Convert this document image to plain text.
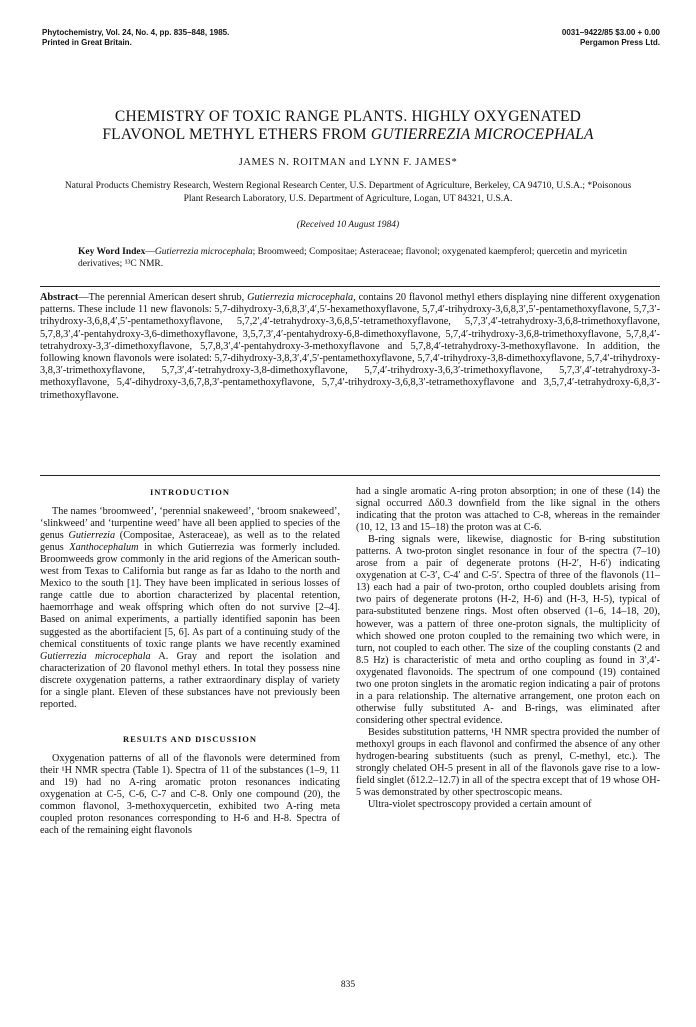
Phytochemistry, Vol. 24, No. 4, pp. 835–848, 1985.
Printed in Great Britain.
0031–9422/85 $3.00 + 0.00
Pergamon Press Ltd.
CHEMISTRY OF TOXIC RANGE PLANTS. HIGHLY OXYGENATED
FLAVONOL METHYL ETHERS FROM GUTIERREZIA MICROCEPHALA
JAMES N. ROITMAN and LYNN F. JAMES*
Natural Products Chemistry Research, Western Regional Research Center, U.S. Department of Agriculture, Berkeley, CA 94710, U.S.A.; *Poisonous Plant Research Laboratory, U.S. Department of Agriculture, Logan, UT 84321, U.S.A.
(Received 10 August 1984)
Key Word Index—Gutierrezia microcephala; Broomweed; Compositae; Asteraceae; flavonol; oxygenated kaempferol; quercetin and myricetin derivatives; ¹³C NMR.
Abstract—The perennial American desert shrub, Gutierrezia microcephala, contains 20 flavonol methyl ethers displaying nine different oxygenation patterns. These include 11 new flavonols: 5,7-dihydroxy-3,6,8,3′,4′,5′-hexamethoxyflavone, 5,7,4′-trihydroxy-3,6,8,3′,5′-pentamethoxyflavone, 5,7,3′-trihydroxy-3,6,8,4′,5′-pentamethoxyflavone, 5,7,2′,4′-tetrahydroxy-3,6,8,5′-tetramethoxyflavone, 5,7,3′,4′-tetrahydroxy-3,6,8-trimethoxyflavone, 5,7,8,3′,4′-pentahydroxy-3,6-dimethoxyflavone, 3,5,7,3′,4′-pentahydroxy-6,8-dimethoxyflavone, 5,7,4′-trihydroxy-3,6,8-trimethoxyflavone, 5,7,8,4′-tetrahydroxy-3,3′-dimethoxyflavone, 5,7,8,3′,4′-pentahydroxy-3-methoxyflavone and 5,7,8,4′-tetrahydroxy-3-methoxyflavone. In addition, the following known flavonols were isolated: 5,7-dihydroxy-3,8,3′,4′,5′-pentamethoxyflavone, 5,7,4′-trihydroxy-3,8-dimethoxyflavone, 5,7,4′-trihydroxy-3,8,3′-trimethoxyflavone, 5,7,3′,4′-tetrahydroxy-3,8-dimethoxyflavone, 5,7,4′-trihydroxy-3,6,3′-trimethoxyflavone, 5,7,3′,4′-tetrahydroxy-3-methoxyflavone, 5,4′-dihydroxy-3,6,7,8,3′-pentamethoxyflavone, 5,7,4′-trihydroxy-3,6,8,3′-tetramethoxyflavone and 3,5,7,4′-tetrahydroxy-6,8,3′-trimethoxyflavone.
INTRODUCTION

The names ‘broomweed’, ‘perennial snakeweed’, ‘broom snakeweed’, ‘slinkweed’ and ‘turpentine weed’ have all been applied to species of the genus Gutierrezia (Compositae, Asteraceae), as well as to the related genus Xanthocephalum in which Gutierrezia was formerly included. Broomweeds grow commonly in the arid regions of the American south-west from Texas to California but range as far as Idaho to the north and Mexico to the south [1]. They have been implicated in serious losses of range cattle due to abortion characterized by placental retention, haemorrhage and weak offspring which often do not survive [2–4]. Based on animal experiments, a partially identified saponin has been suggested as the abortifacient [5, 6]. As part of a continuing study of the chemical constituents of toxic range plants we have recently examined Gutierrezia microcephala A. Gray and report the isolation and characterization of 20 flavonol methyl ethers. In total they possess nine discrete oxygenation patterns, a rather extraordinary display of variety for a single plant. Eleven of these substances have not previously been reported.

RESULTS AND DISCUSSION

Oxygenation patterns of all of the flavonols were determined from their ¹H NMR spectra (Table 1). Spectra of 11 of the substances (1–9, 11 and 19) had no A-ring aromatic proton resonances indicating oxygenation at C-5, C-6, C-7 and C-8. Only one compound (20), the common flavonol, 3-methoxyquercetin, exhibited two A-ring meta coupled proton resonances corresponding to H-6 and H-8. Spectra of each of the remaining eight flavonols

had a single aromatic A-ring proton absorption; in one of these (14) the signal occurred Δδ0.3 downfield from the like signal in the others indicating that the proton was attached to C-8, whereas in the remainder (10, 12, 13 and 15–18) the proton was at C-6.

B-ring signals were, likewise, diagnostic for B-ring substitution patterns. A two-proton singlet resonance in four of the spectra (7–10) arose from a pair of degenerate protons (H-2′, H-6′) indicating oxygenation at C-3′, C-4′ and C-5′. Spectra of three of the flavonols (11–13) each had a pair of two-proton, ortho coupled doublets arising from two pairs of degenerate protons (H-2, H-6) and (H-3, H-5), typical of para-substituted benzene rings. Most often observed (1–6, 14–18, 20), however, was a pattern of three one-proton signals, the multiplicity of which showed one proton coupled to the remaining two which were, in turn, not coupled to each other. The size of the coupling constants (2 and 8.5 Hz) is characteristic of meta and ortho coupling as found in 3′,4′-oxygenated flavonoids. The spectrum of one compound (19) contained two one proton singlets in the aromatic region indicating a pair of protons in a para relationship. The alternative arrangement, one proton each on otherwise fully substituted A- and B-rings, was eliminated after considering other spectral evidence.

Besides substitution patterns, ¹H NMR spectra provided the number of methoxyl groups in each flavonol and confirmed the absence of any other hydrogen-bearing substituents (such as prenyl, C-methyl, etc.). The strongly chelated OH-5 present in all of the flavonols gave rise to a low-field singlet (δ12.2–12.7) in all of the spectra except that of 19 whose OH-5 was demonstrated by other spectroscopic means.

Ultra-violet spectroscopy provided a certain amount of

835
